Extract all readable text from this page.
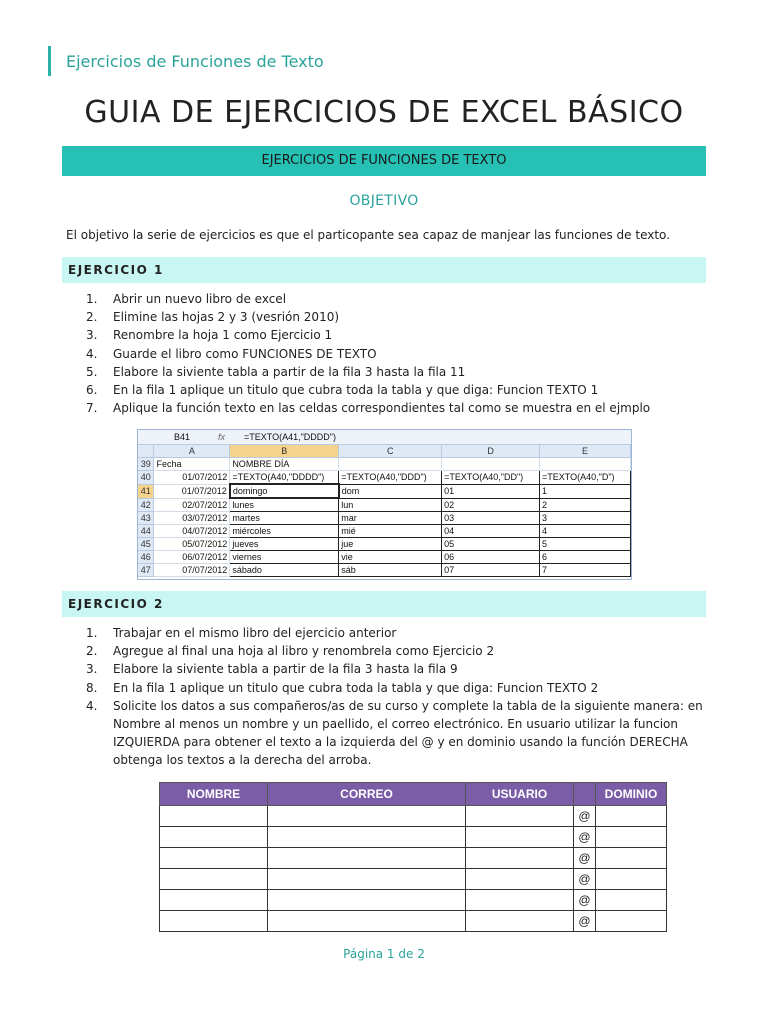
Ejercicios de Funciones de Texto
GUIA DE EJERCICIOS DE EXCEL BÁSICO
EJERCICIOS DE FUNCIONES DE TEXTO
OBJETIVO
El objetivo la serie de ejercicios es que el particopante sea capaz de manjear las funciones de texto.
EJERCICIO 1
1.	Abrir un nuevo libro de excel
2.	Elimine las hojas 2 y 3 (vesrión 2010)
3.	Renombre la hoja 1 como Ejercicio 1
4.	Guarde el libro como FUNCIONES DE TEXTO
5.	Elabore la siviente tabla a partir de la fila 3 hasta la fila 11
6.	En la fila 1 aplique un titulo que cubra toda la tabla y que diga: Funcion TEXTO 1
7.	Aplique la función texto en las celdas correspondientes tal como se muestra en el ejmplo
B41	fx	=TEXTO(A41,"DDDD")
	A	B	C	D	E
39	Fecha	NOMBRE DÍA			
40	01/07/2012	=TEXTO(A40,"DDDD")	=TEXTO(A40,"DDD")	=TEXTO(A40,"DD")	=TEXTO(A40,"D")
41	01/07/2012	domingo	dom	01	1
42	02/07/2012	lunes	lun	02	2
43	03/07/2012	martes	mar	03	3
44	04/07/2012	miércoles	mié	04	4
45	05/07/2012	jueves	jue	05	5
46	06/07/2012	viernes	vie	06	6
47	07/07/2012	sábado	sáb	07	7
EJERCICIO 2
1.	Trabajar en el mismo libro del ejercicio anterior
2.	Agregue al final una hoja al libro y renombrela como Ejercicio 2
3.	Elabore la siviente tabla a partir de la fila 3 hasta la fila 9
8.	En la fila 1 aplique un titulo que cubra toda la tabla y que diga: Funcion TEXTO 2
4.	Solicite los datos a sus compañeros/as de su curso y complete la tabla de la siguiente manera: en Nombre al menos un nombre y un paellido, el correo electrónico. En usuario utilizar la funcion IZQUIERDA para obtener el texto a la izquierda del @ y en dominio usando la función DERECHA obtenga los textos a la derecha del arroba.
NOMBRE	CORREO	USUARIO		DOMINIO
			@	
			@	
			@	
			@	
			@	
			@	
Página 1 de 2
